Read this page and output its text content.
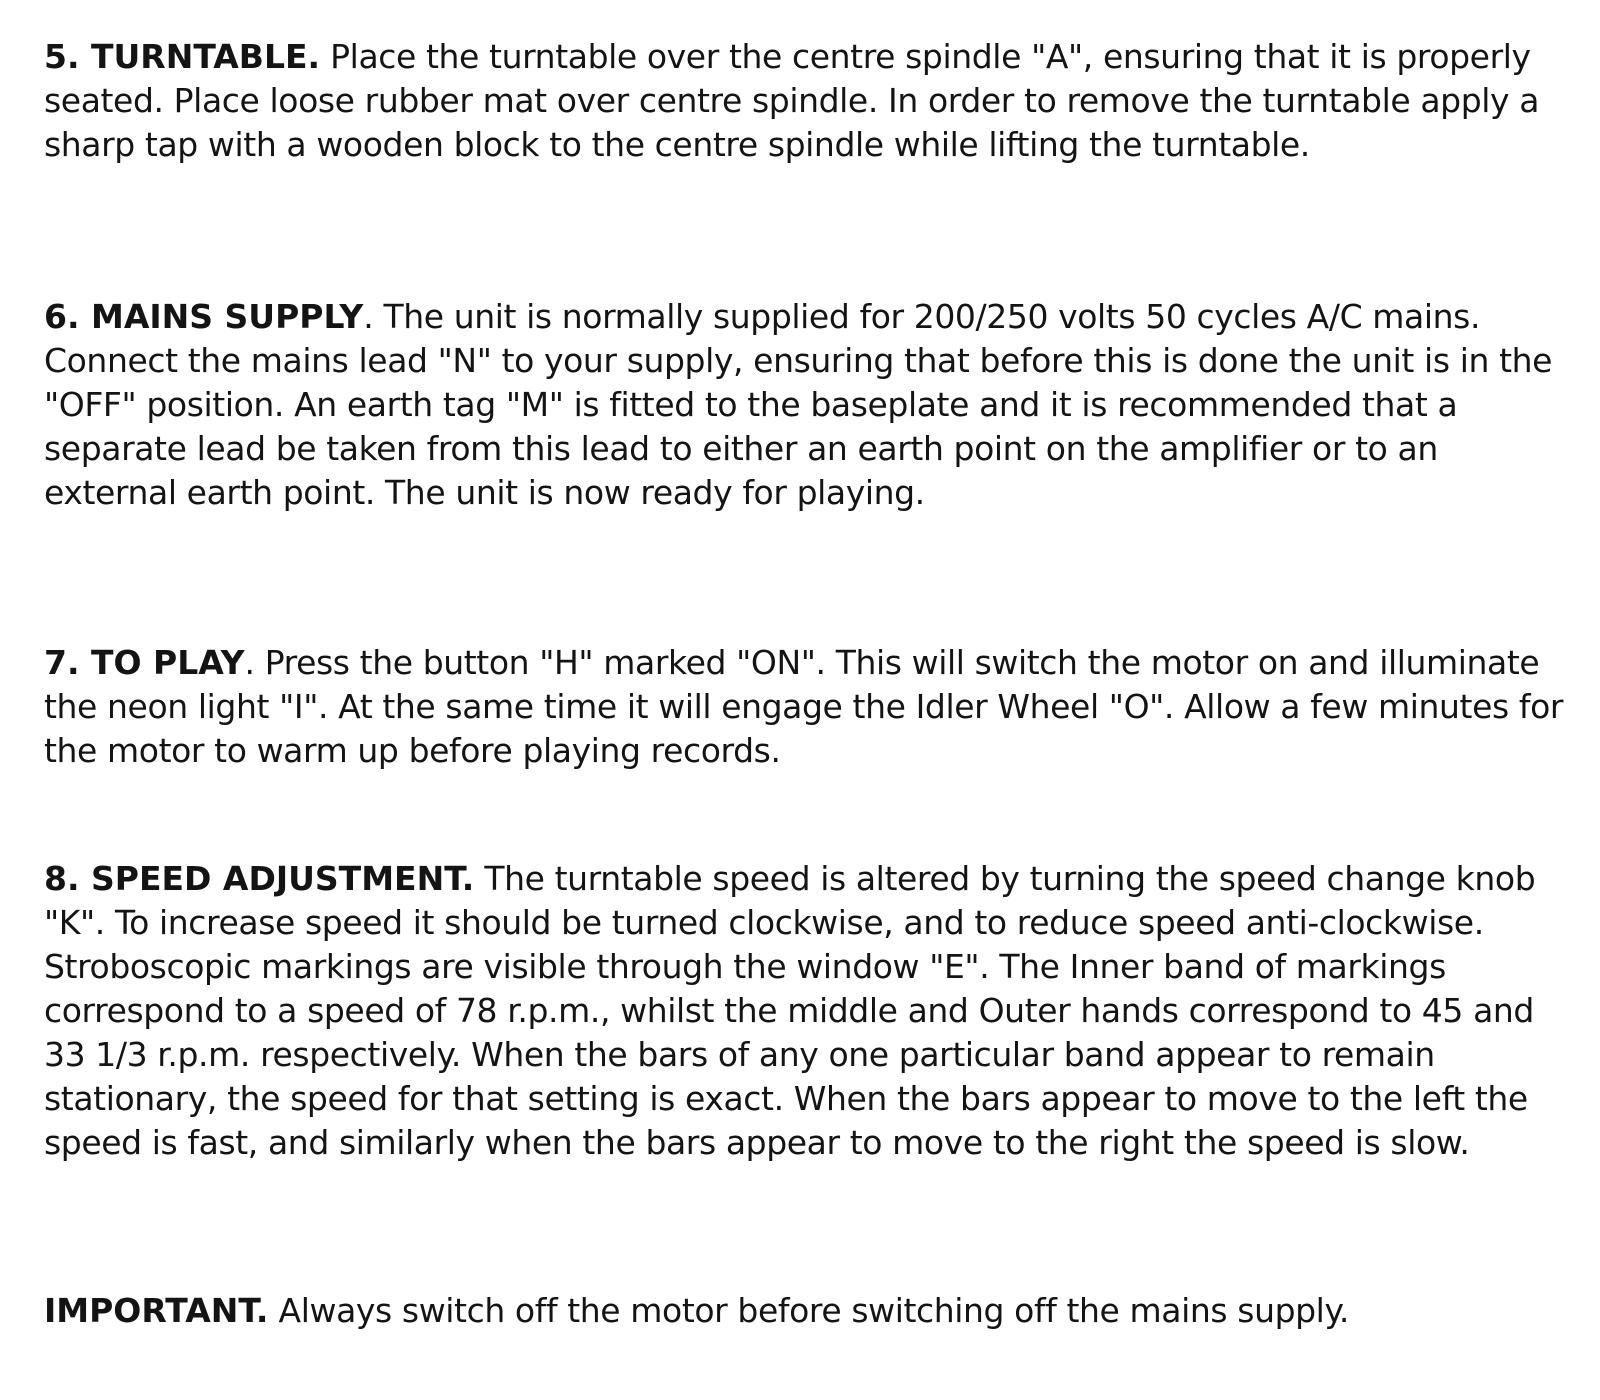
5. TURNTABLE. Place the turntable over the centre spindle "A", ensuring that it is properly seated. Place loose rubber mat over centre spindle. In order to remove the turntable apply a sharp tap with a wooden block to the centre spindle while lifting the turntable.

6. MAINS SUPPLY. The unit is normally supplied for 200/250 volts 50 cycles A/C mains. Connect the mains lead "N" to your supply, ensuring that before this is done the unit is in the "OFF" position. An earth tag "M" is fitted to the baseplate and it is recommended that a separate lead be taken from this lead to either an earth point on the amplifier or to an external earth point. The unit is now ready for playing.

7. TO PLAY. Press the button "H" marked "ON". This will switch the motor on and illuminate the neon light "I". At the same time it will engage the Idler Wheel "O". Allow a few minutes for the motor to warm up before playing records.

8. SPEED ADJUSTMENT. The turntable speed is altered by turning the speed change knob "K". To increase speed it should be turned clockwise, and to reduce speed anti-clockwise. Stroboscopic markings are visible through the window "E". The Inner band of markings correspond to a speed of 78 r.p.m., whilst the middle and Outer hands correspond to 45 and 33 1/3 r.p.m. respectively. When the bars of any one particular band appear to remain stationary, the speed for that setting is exact. When the bars appear to move to the left the speed is fast, and similarly when the bars appear to move to the right the speed is slow.

IMPORTANT. Always switch off the motor before switching off the mains supply.
